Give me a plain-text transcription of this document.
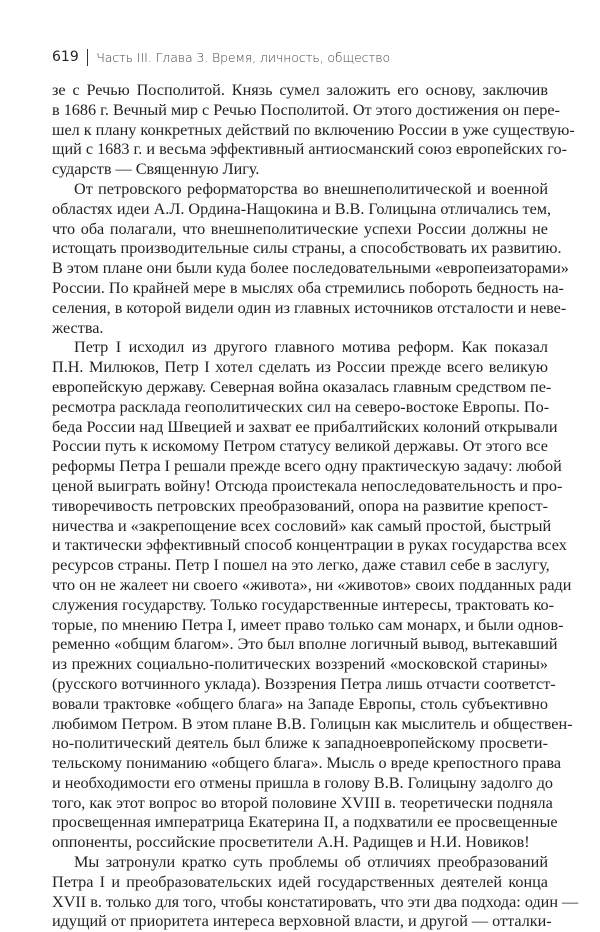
619 Часть III. Глава 3. Время, личность, общество
зе с Речью Посполитой. Князь сумел заложить его основу, заключив
в 1686 г. Вечный мир с Речью Посполитой. От этого достижения он пере-
шел к плану конкретных действий по включению России в уже существую-
щий с 1683 г. и весьма эффективный антиосманский союз европейских го-
сударств — Священную Лигу.
От петровского реформаторства во внешнеполитической и военной
областях идеи А.Л. Ордина-Нащокина и В.В. Голицына отличались тем,
что оба полагали, что внешнеполитические успехи России должны не
истощать производительные силы страны, а способствовать их развитию.
В этом плане они были куда более последовательными «европеизаторами»
России. По крайней мере в мыслях оба стремились побороть бедность на-
селения, в которой видели один из главных источников отсталости и неве-
жества.
Петр I исходил из другого главного мотива реформ. Как показал
П.Н. Милюков, Петр I хотел сделать из России прежде всего великую
европейскую державу. Северная война оказалась главным средством пе-
ресмотра расклада геополитических сил на северо-востоке Европы. По-
беда России над Швецией и захват ее прибалтийских колоний открывали
России путь к искомому Петром статусу великой державы. От этого все
реформы Петра I решали прежде всего одну практическую задачу: любой
ценой выиграть войну! Отсюда проистекала непоследовательность и про-
тиворечивость петровских преобразований, опора на развитие крепост-
ничества и «закрепощение всех сословий» как самый простой, быстрый
и тактически эффективный способ концентрации в руках государства всех
ресурсов страны. Петр I пошел на это легко, даже ставил себе в заслугу,
что он не жалеет ни своего «живота», ни «животов» своих подданных ради
служения государству. Только государственные интересы, трактовать ко-
торые, по мнению Петра I, имеет право только сам монарх, и были однов-
ременно «общим благом». Это был вполне логичный вывод, вытекавший
из прежних социально-политических воззрений «московской старины»
(русского вотчинного уклада). Воззрения Петра лишь отчасти соответст-
вовали трактовке «общего блага» на Западе Европы, столь субъективно
любимом Петром. В этом плане В.В. Голицын как мыслитель и обществен-
но-политический деятель был ближе к западноевропейскому просвети-
тельскому пониманию «общего блага». Мысль о вреде крепостного права
и необходимости его отмены пришла в голову В.В. Голицыну задолго до
того, как этот вопрос во второй половине XVIII в. теоретически подняла
просвещенная императрица Екатерина II, а подхватили ее просвещенные
оппоненты, российские просветители А.Н. Радищев и Н.И. Новиков!
Мы затронули кратко суть проблемы об отличиях преобразований
Петра I и преобразовательских идей государственных деятелей конца
XVII в. только для того, чтобы констатировать, что эти два подхода: один —
идущий от приоритета интереса верховной власти, и другой — отталки-
